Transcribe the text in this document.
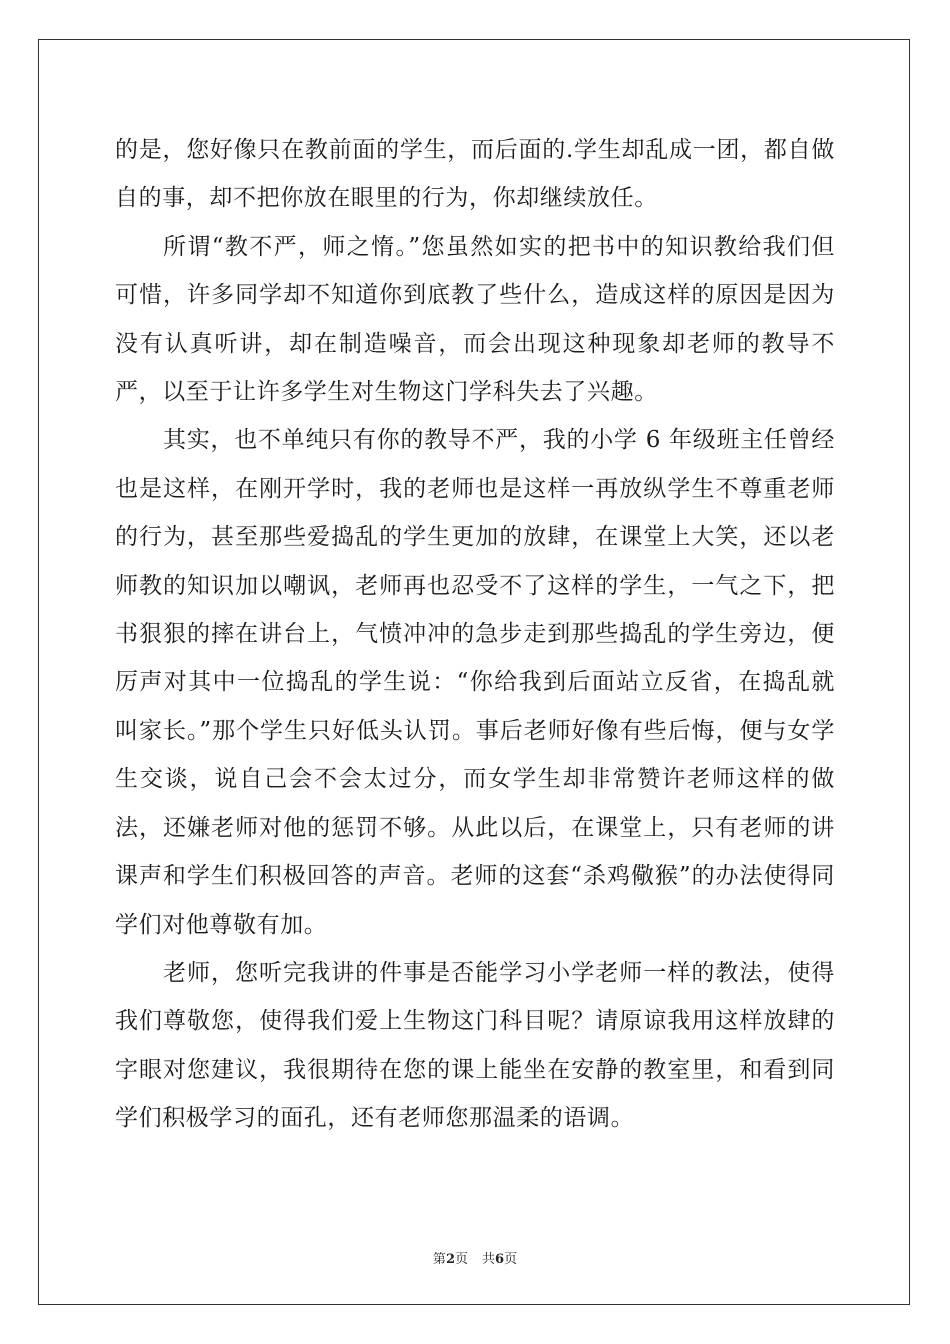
的是，您好像只在教前面的学生，而后面的.学生却乱成一团，都自做自的事，却不把你放在眼里的行为，你却继续放任。

所谓“教不严，师之惰。”您虽然如实的把书中的知识教给我们但可惜，许多同学却不知道你到底教了些什么，造成这样的原因是因为没有认真听讲，却在制造噪音，而会出现这种现象却老师的教导不严，以至于让许多学生对生物这门学科失去了兴趣。

其实，也不单纯只有你的教导不严，我的小学 6 年级班主任曾经也是这样，在刚开学时，我的老师也是这样一再放纵学生不尊重老师的行为，甚至那些爱捣乱的学生更加的放肆，在课堂上大笑，还以老师教的知识加以嘲讽，老师再也忍受不了这样的学生，一气之下，把书狠狠的摔在讲台上，气愤冲冲的急步走到那些捣乱的学生旁边，便厉声对其中一位捣乱的学生说：“你给我到后面站立反省，在捣乱就叫家长。”那个学生只好低头认罚。事后老师好像有些后悔，便与女学生交谈，说自己会不会太过分，而女学生却非常赞许老师这样的做法，还嫌老师对他的惩罚不够。从此以后，在课堂上，只有老师的讲课声和学生们积极回答的声音。老师的这套“杀鸡儆猴”的办法使得同学们对他尊敬有加。

老师，您听完我讲的件事是否能学习小学老师一样的教法，使得我们尊敬您，使得我们爱上生物这门科目呢？请原谅我用这样放肆的字眼对您建议，我很期待在您的课上能坐在安静的教室里，和看到同学们积极学习的面孔，还有老师您那温柔的语调。

第2页 共6页
